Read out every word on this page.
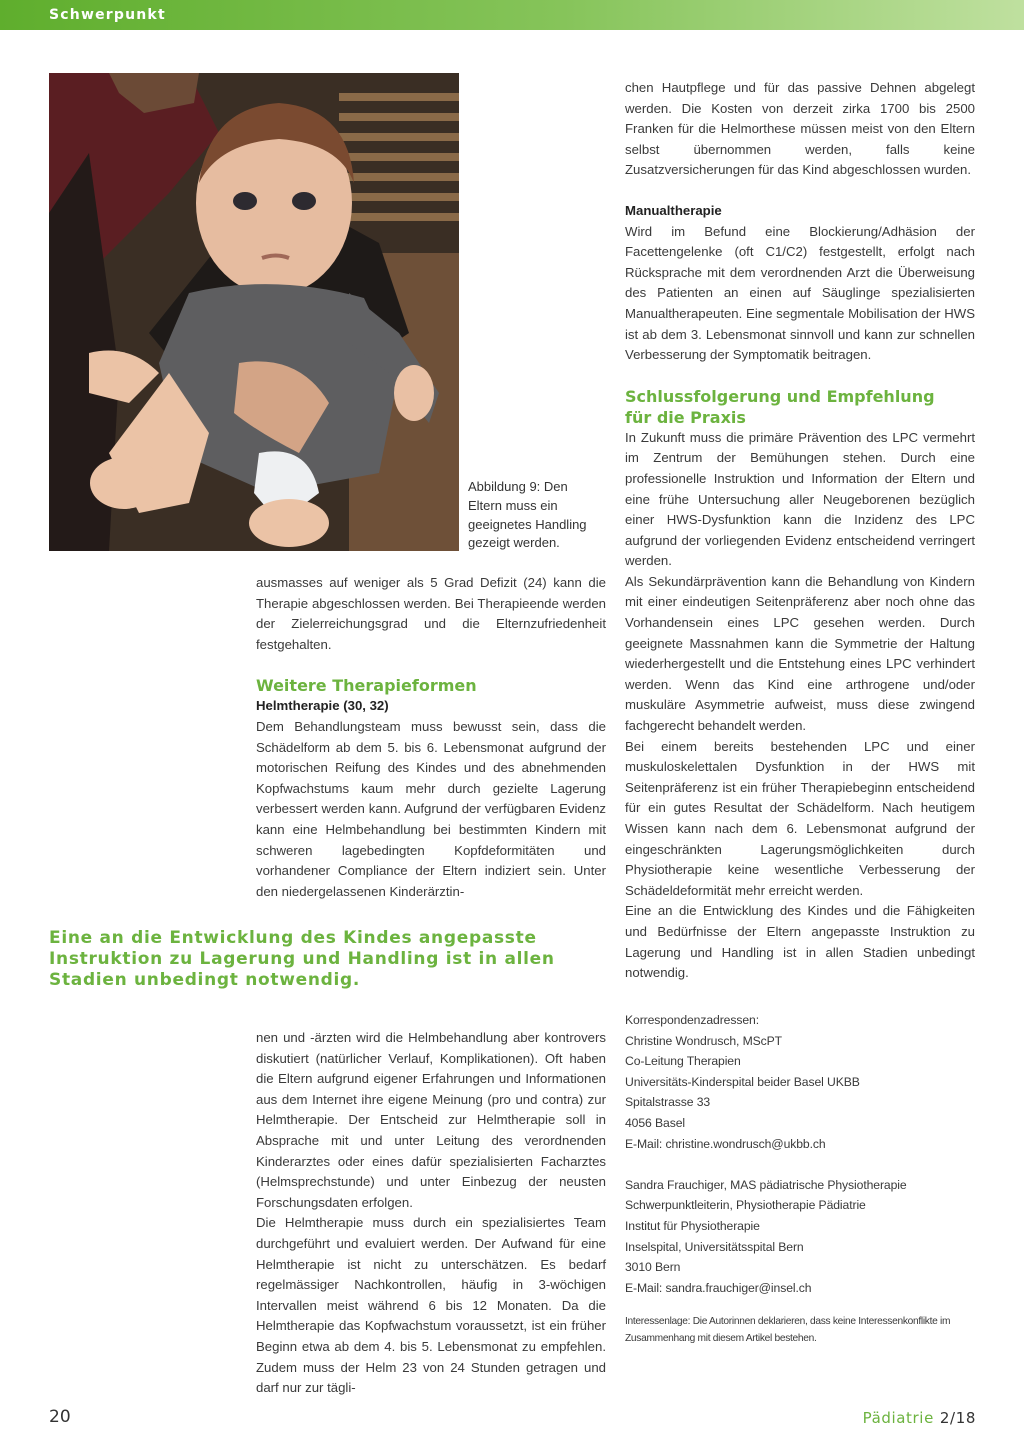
Schwerpunkt
Abbildung 9: Den Eltern muss ein geeignetes Handling gezeigt werden.

ausmasses auf weniger als 5 Grad Defizit (24) kann die Therapie abgeschlossen werden. Bei Therapieende werden der Zielerreichungsgrad und die Elternzufriedenheit festgehalten.

Weitere Therapieformen
Helmtherapie (30, 32)

Dem Behandlungsteam muss bewusst sein, dass die Schädelform ab dem 5. bis 6. Lebensmonat aufgrund der motorischen Reifung des Kindes und des abnehmenden Kopfwachstums kaum mehr durch gezielte Lagerung verbessert werden kann. Aufgrund der verfügbaren Evidenz kann eine Helmbehandlung bei bestimmten Kindern mit schweren lagebedingten Kopfdeformitäten und vorhandener Compliance der Eltern indiziert sein. Unter den niedergelassenen Kinderärztin-

Eine an die Entwicklung des Kindes angepasste Instruktion zu Lagerung und Handling ist in allen Stadien unbedingt notwendig.

nen und -ärzten wird die Helmbehandlung aber kontrovers diskutiert (natürlicher Verlauf, Komplikationen). Oft haben die Eltern aufgrund eigener Erfahrungen und Informationen aus dem Internet ihre eigene Meinung (pro und contra) zur Helmtherapie. Der Entscheid zur Helmtherapie soll in Absprache mit und unter Leitung des verordnenden Kinderarztes oder eines dafür spezialisierten Facharztes (Helmsprechstunde) und unter Einbezug der neusten Forschungsdaten erfolgen.

Die Helmtherapie muss durch ein spezialisiertes Team durchgeführt und evaluiert werden. Der Aufwand für eine Helmtherapie ist nicht zu unterschätzen. Es bedarf regelmässiger Nachkontrollen, häufig in 3-wöchigen Intervallen meist während 6 bis 12 Monaten. Da die Helmtherapie das Kopfwachstum voraussetzt, ist ein früher Beginn etwa ab dem 4. bis 5. Lebensmonat zu empfehlen. Zudem muss der Helm 23 von 24 Stunden getragen und darf nur zur tägli-

chen Hautpflege und für das passive Dehnen abgelegt werden. Die Kosten von derzeit zirka 1700 bis 2500 Franken für die Helmorthese müssen meist von den Eltern selbst übernommen werden, falls keine Zusatzversicherungen für das Kind abgeschlossen wurden.

Manualtherapie

Wird im Befund eine Blockierung/Adhäsion der Facettengelenke (oft C1/C2) festgestellt, erfolgt nach Rücksprache mit dem verordnenden Arzt die Überweisung des Patienten an einen auf Säuglinge spezialisierten Manualtherapeuten. Eine segmentale Mobilisation der HWS ist ab dem 3. Lebensmonat sinnvoll und kann zur schnellen Verbesserung der Symptomatik beitragen.

Schlussfolgerung und Empfehlung
für die Praxis

In Zukunft muss die primäre Prävention des LPC vermehrt im Zentrum der Bemühungen stehen. Durch eine professionelle Instruktion und Information der Eltern und eine frühe Untersuchung aller Neugeborenen bezüglich einer HWS-Dysfunktion kann die Inzidenz des LPC aufgrund der vorliegenden Evidenz entscheidend verringert werden.

Als Sekundärprävention kann die Behandlung von Kindern mit einer eindeutigen Seitenpräferenz aber noch ohne das Vorhandensein eines LPC gesehen werden. Durch geeignete Massnahmen kann die Symmetrie der Haltung wiederhergestellt und die Entstehung eines LPC verhindert werden. Wenn das Kind eine arthrogene und/oder muskuläre Asymmetrie aufweist, muss diese zwingend fachgerecht behandelt werden.

Bei einem bereits bestehenden LPC und einer muskuloskelettalen Dysfunktion in der HWS mit Seitenpräferenz ist ein früher Therapiebeginn entscheidend für ein gutes Resultat der Schädelform. Nach heutigem Wissen kann nach dem 6. Lebensmonat aufgrund der eingeschränkten Lagerungsmöglichkeiten durch Physiotherapie keine wesentliche Verbesserung der Schädeldeformität mehr erreicht werden.

Eine an die Entwicklung des Kindes und die Fähigkeiten und Bedürfnisse der Eltern angepasste Instruktion zu Lagerung und Handling ist in allen Stadien unbedingt notwendig.

Korrespondenzadressen:
Christine Wondrusch, MScPT
Co-Leitung Therapien
Universitäts-Kinderspital beider Basel UKBB
Spitalstrasse 33
4056 Basel
E-Mail: christine.wondrusch@ukbb.ch
Sandra Frauchiger, MAS pädiatrische Physiotherapie
Schwerpunktleiterin, Physiotherapie Pädiatrie
Institut für Physiotherapie
Inselspital, Universitätsspital Bern
3010 Bern
E-Mail: sandra.frauchiger@insel.ch
Interessenlage: Die Autorinnen deklarieren, dass keine Interessenkonflikte im Zusammenhang mit diesem Artikel bestehen.
20	Pädiatrie 2/18
